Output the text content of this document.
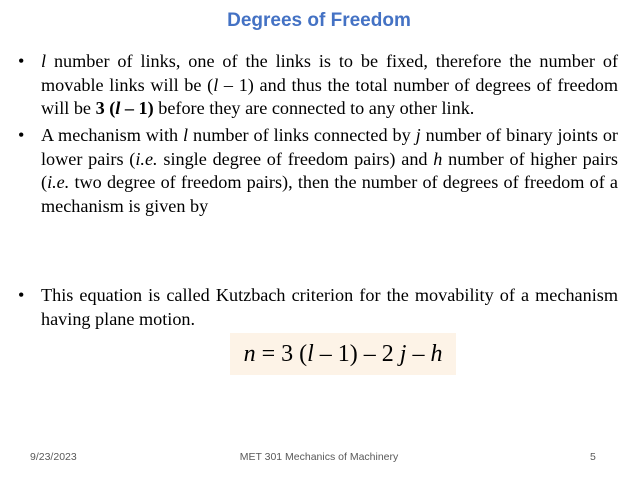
Degrees of Freedom
• l number of links, one of the links is to be fixed, therefore the number of movable links will be (l – 1) and thus the total number of degrees of freedom will be 3 (l – 1) before they are connected to any other link.
• A mechanism with l number of links connected by j number of binary joints or lower pairs (i.e. single degree of freedom pairs) and h number of higher pairs (i.e. two degree of freedom pairs), then the number of degrees of freedom of a mechanism is given by
• This equation is called Kutzbach criterion for the movability of a mechanism having plane motion.
n = 3 (l – 1) – 2 j – h
9/23/2023	MET 301 Mechanics of Machinery	5
